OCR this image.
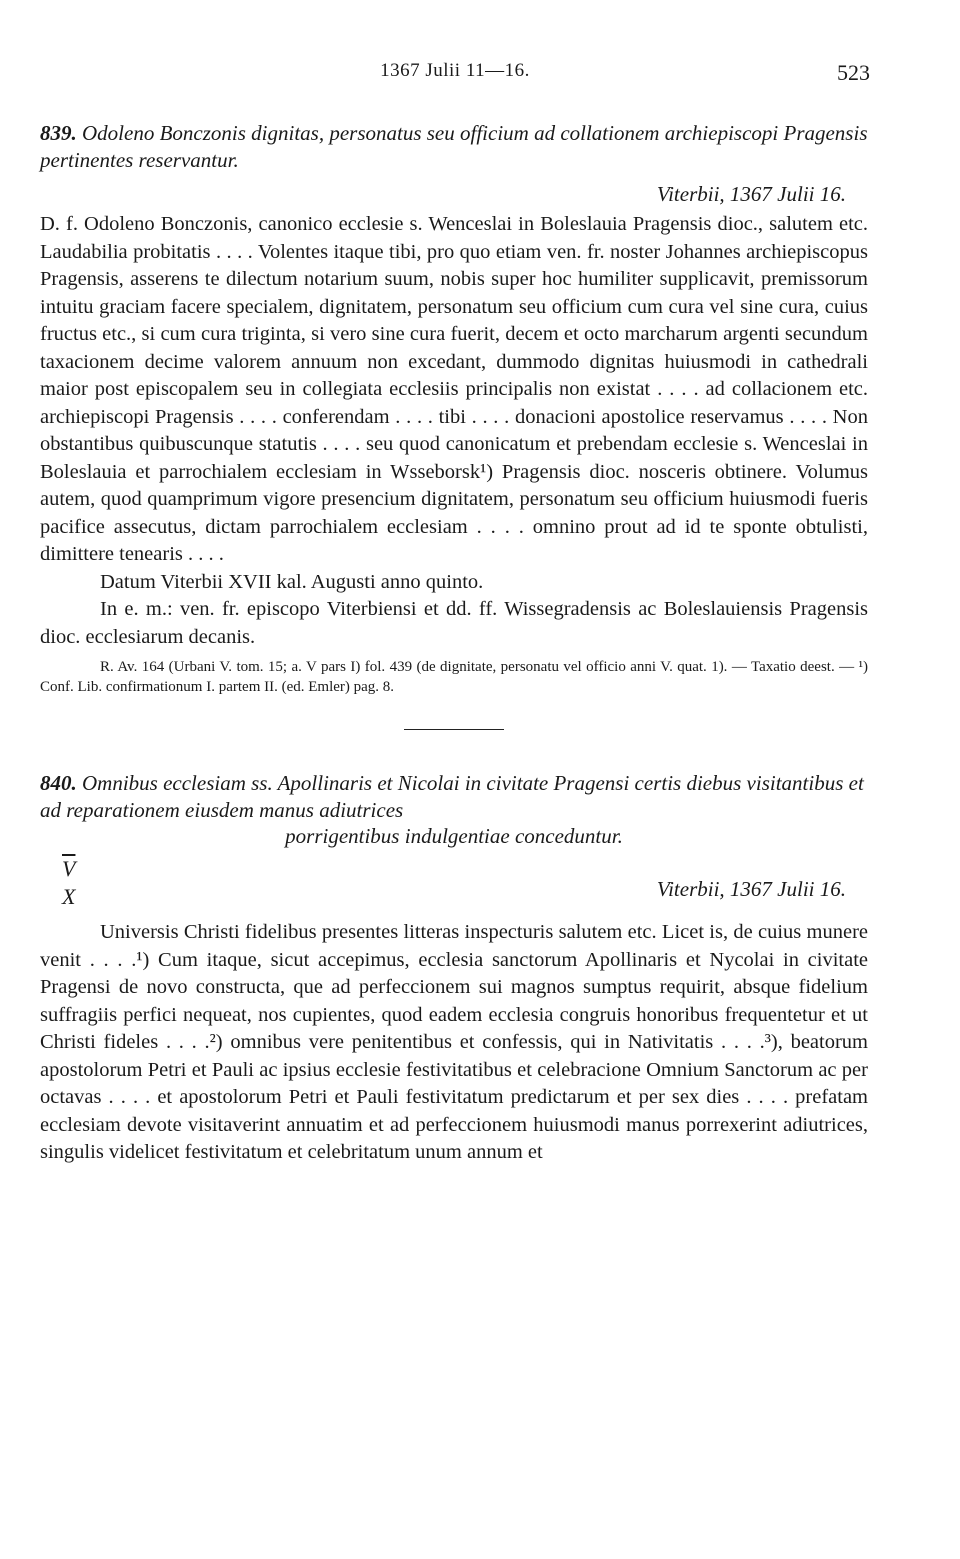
1367 Julii 11—16.	523

839. Odoleno Bonczonis dignitas, personatus seu officium ad collationem archiepiscopi Pragensis pertinentes reservantur.

Viterbii, 1367 Julii 16.

D. f. Odoleno Bonczonis, canonico ecclesie s. Wenceslai in Boleslauia Pragensis dioc., salutem etc. Laudabilia probitatis . . . . Volentes itaque tibi, pro quo etiam ven. fr. noster Johannes archiepiscopus Pragensis, asserens te dilectum notarium suum, nobis super hoc humiliter supplicavit, premissorum intuitu graciam facere specialem, dignitatem, personatum seu officium cum cura vel sine cura, cuius fructus etc., si cum cura triginta, si vero sine cura fuerit, decem et octo marcharum argenti secundum taxacionem decime valorem annuum non excedant, dummodo dignitas huiusmodi in cathedrali maior post episcopalem seu in collegiata ecclesiis principalis non existat . . . . ad collacionem etc. archiepiscopi Pragensis . . . . conferendam . . . . tibi . . . . donacioni apostolice reservamus . . . . Non obstantibus quibuscunque statutis . . . . seu quod canonicatum et prebendam ecclesie s. Wenceslai in Boleslauia et parrochialem ecclesiam in Wsseborsk¹) Pragensis dioc. nosceris obtinere. Volumus autem, quod quamprimum vigore presencium dignitatem, personatum seu officium huiusmodi fueris pacifice assecutus, dictam parrochialem ecclesiam . . . . omnino prout ad id te sponte obtulisti, dimittere tenearis . . . .

Datum Viterbii XVII kal. Augusti anno quinto.

In e. m.: ven. fr. episcopo Viterbiensi et dd. ff. Wissegradensis ac Boleslauiensis Pragensis dioc. ecclesiarum decanis.

R. Av. 164 (Urbani V. tom. 15; a. V pars I) fol. 439 (de dignitate, personatu vel officio anni V. quat. 1). — Taxatio deest. — ¹) Conf. Lib. confirmationum I. partem II. (ed. Emler) pag. 8.

840. Omnibus ecclesiam ss. Apollinaris et Nicolai in civitate Pragensi certis diebus visitantibus et ad reparationem eiusdem manus adiutrices

porrigentibus indulgentiae conceduntur.

$\overline{V}$
X	Viterbii, 1367 Julii 16.

Universis Christi fidelibus presentes litteras inspecturis salutem etc. Licet is, de cuius munere venit . . . .¹) Cum itaque, sicut accepimus, ecclesia sanctorum Apollinaris et Nycolai in civitate Pragensi de novo constructa, que ad perfeccionem sui magnos sumptus requirit, absque fidelium suffragiis perfici nequeat, nos cupientes, quod eadem ecclesia congruis honoribus frequentetur et ut Christi fideles . . . .²) omnibus vere penitentibus et confessis, qui in Nativitatis . . . .³), beatorum apostolorum Petri et Pauli ac ipsius ecclesie festivitatibus et celebracione Omnium Sanctorum ac per octavas . . . . et apostolorum Petri et Pauli festivitatum predictarum et per sex dies . . . . prefatam ecclesiam devote visitaverint annuatim et ad perfeccionem huiusmodi manus porrexerint adiutrices, singulis videlicet festivitatum et celebritatum unum annum et
